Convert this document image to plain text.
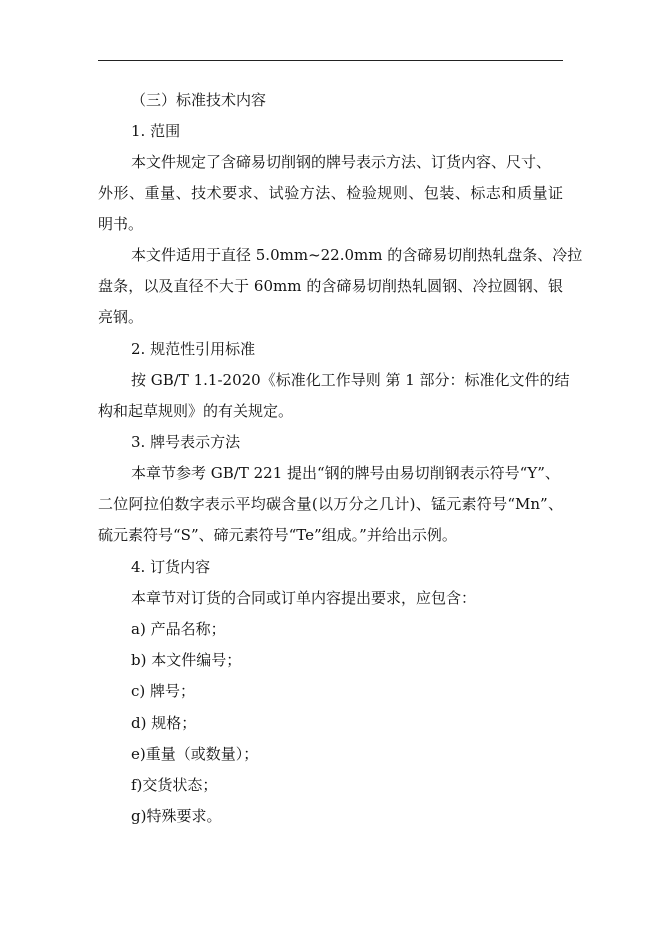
（三）标准技术内容
1. 范围
本文件规定了含碲易切削钢的牌号表示方法、订货内容、尺寸、
外形、重量、技术要求、试验方法、检验规则、包装、标志和质量证
明书。
本文件适用于直径 5.0mm~22.0mm 的含碲易切削热轧盘条、冷拉
盘条，以及直径不大于 60mm 的含碲易切削热轧圆钢、冷拉圆钢、银
亮钢。
2. 规范性引用标准
按 GB/T 1.1-2020《标准化工作导则 第 1 部分：标准化文件的结
构和起草规则》的有关规定。
3. 牌号表示方法
本章节参考 GB/T 221 提出“钢的牌号由易切削钢表示符号“Y”、
二位阿拉伯数字表示平均碳含量(以万分之几计)、锰元素符号“Mn”、
硫元素符号“S”、碲元素符号“Te”组成。”并给出示例。
4. 订货内容
本章节对订货的合同或订单内容提出要求，应包含：
a) 产品名称；
b) 本文件编号；
c) 牌号；
d) 规格；
e)重量（或数量）；
f)交货状态；
g)特殊要求。
